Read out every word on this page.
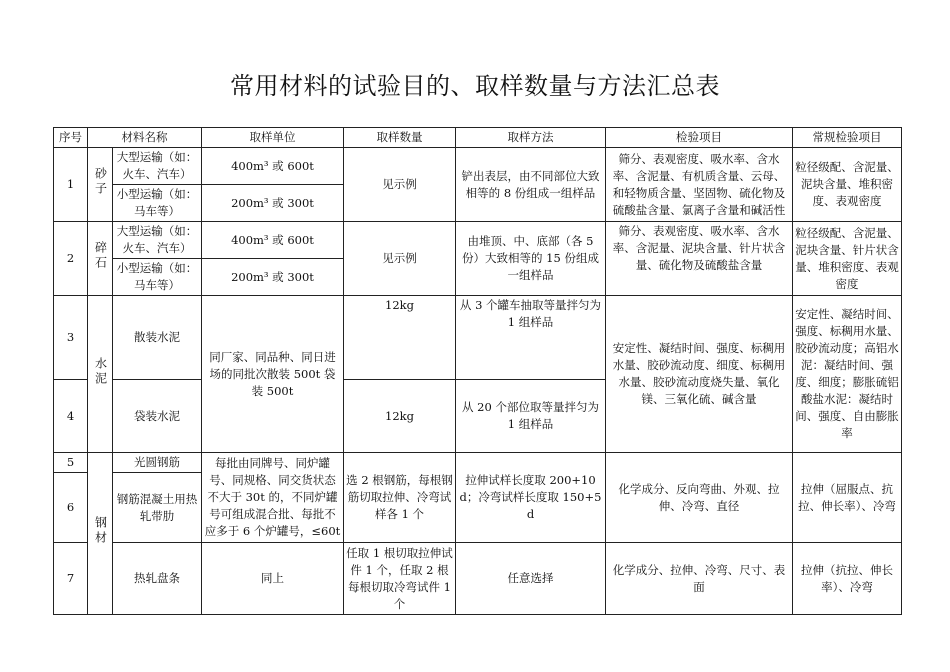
常用材料的试验目的、取样数量与方法汇总表
序号	材料名称		取样单位	取样数量	取样方法	检验项目	常规检验项目
1	砂子	大型运输（如：火车、汽车）	400m³ 或 600t	见示例	铲出表层，由不同部位大致相等的 8 份组成一组样品	筛分、表观密度、吸水率、含水率、含泥量、有机质含量、云母、和轻物质含量、坚固物、硫化物及硫酸盐含量、氯离子含量和碱活性	粒径级配、含泥量、泥块含量、堆积密度、表观密度
		小型运输（如：马车等）	200m³ 或 300t				
2	碎石	大型运输（如：火车、汽车）	400m³ 或 600t	见示例	由堆顶、中、底部（各 5 份）大致相等的 15 份组成一组样品	筛分、表观密度、吸水率、含水率、含泥量、泥块含量、针片状含量、硫化物及硫酸盐含量	粒径级配、含泥量、泥块含量、针片状含量、堆积密度、表观密度
		小型运输（如：马车等）	200m³ 或 300t				
3	水泥	散装水泥	同厂家、同品种、同日进场的同批次散装 500t 袋装 500t	12kg	从 3 个罐车抽取等量拌匀为 1 组样品	安定性、凝结时间、强度、标稠用水量、胶砂流动度、细度、标稠用水量、胶砂流动度烧失量、氧化镁、三氧化硫、碱含量	安定性、凝结时间、强度、标稠用水量、胶砂流动度；高铝水泥：凝结时间、强度、细度；膨胀硫铝酸盐水泥：凝结时间、强度、自由膨胀率
4		袋装水泥		12kg	从 20 个部位取等量拌匀为 1 组样品		
5	钢材	光圆钢筋	每批由同牌号、同炉罐号、同规格、同交货状态不大于 30t 的，不同炉罐号可组成混合批、每批不应多于 6 个炉罐号，≤60t	选 2 根钢筋，每根钢筋切取拉伸、冷弯试样各 1 个	拉伸试样长度取 200+10d；冷弯试样长度取 150+5d	化学成分、反向弯曲、外观、拉伸、冷弯、直径	拉伸（屈服点、抗拉、伸长率）、冷弯
6		钢筋混凝土用热轧带肋					
7		热轧盘条	同上	任取 1 根切取拉伸试件 1 个，任取 2 根每根切取冷弯试件 1 个	任意选择	化学成分、拉伸、冷弯、尺寸、表面	拉伸（抗拉、伸长率）、冷弯
